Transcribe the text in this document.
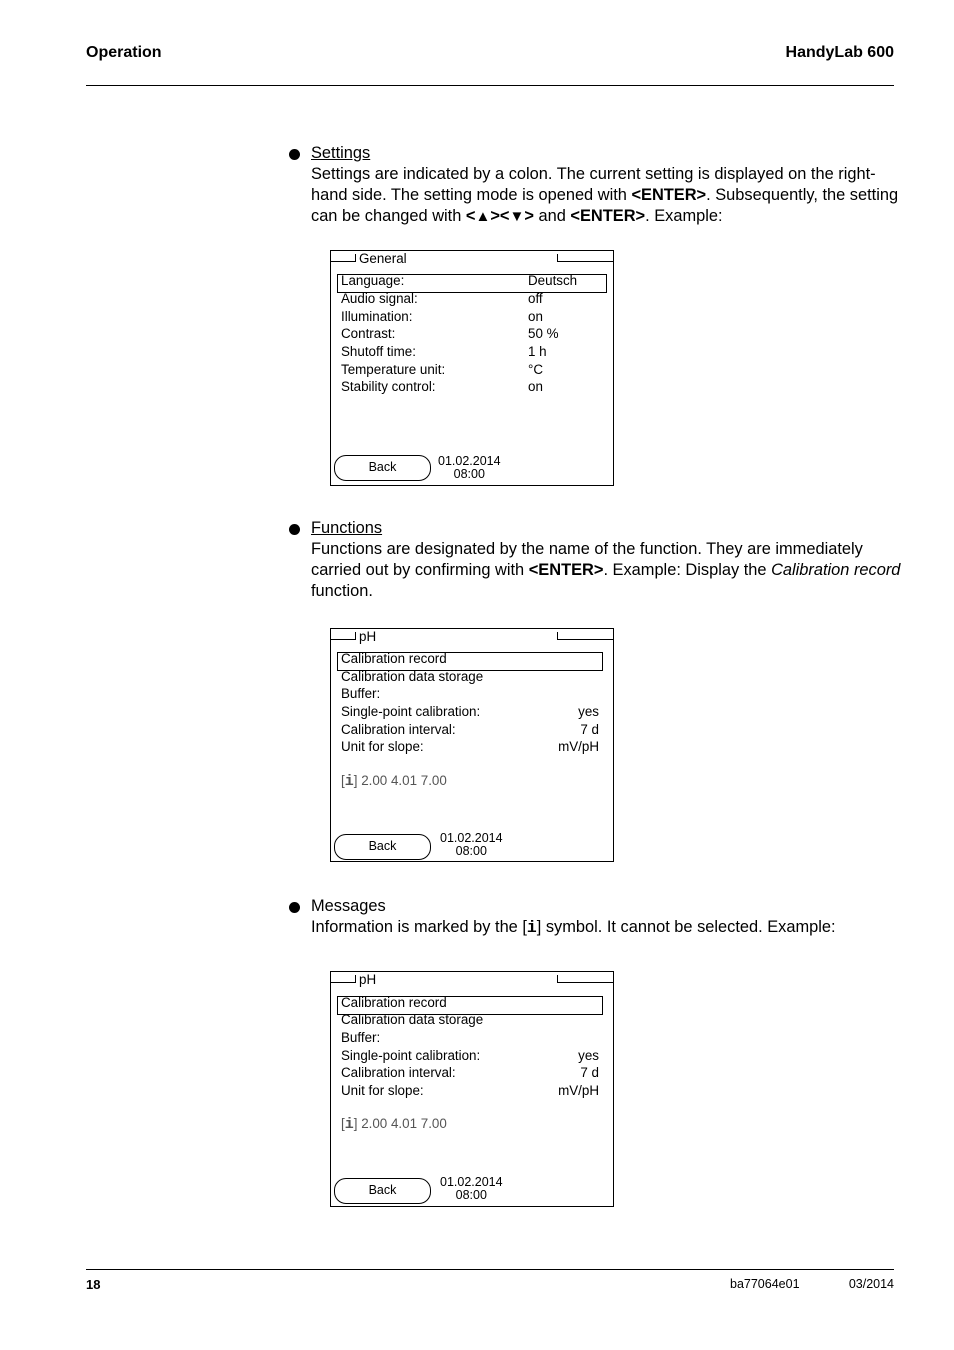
Operation	HandyLab 600
Settings
Settings are indicated by a colon. The current setting is displayed on the right-hand side. The setting mode is opened with <ENTER>. Subsequently, the setting can be changed with <▲><▼> and <ENTER>. Example:
General
Language:	Deutsch
Audio signal:	off
Illumination:	on
Contrast:	50 %
Shutoff time:	1 h
Temperature unit:	°C
Stability control:	on
Back	01.02.2014
08:00
Functions
Functions are designated by the name of the function. They are immediately carried out by confirming with <ENTER>. Example: Display the Calibration record function.
pH
Calibration record
Calibration data storage
Buffer:
Single-point calibration:	yes
Calibration interval:	7 d
Unit for slope:	mV/pH
[i] 2.00 4.01 7.00
Back
01.02.2014
08:00
Messages
Information is marked by the [i] symbol. It cannot be selected. Example:
pH
Calibration record
Calibration data storage
Buffer:
Single-point calibration:	yes
Calibration interval:	7 d
Unit for slope:	mV/pH
[i] 2.00 4.01 7.00
Back
01.02.2014
08:00
18	ba77064e01	03/2014
